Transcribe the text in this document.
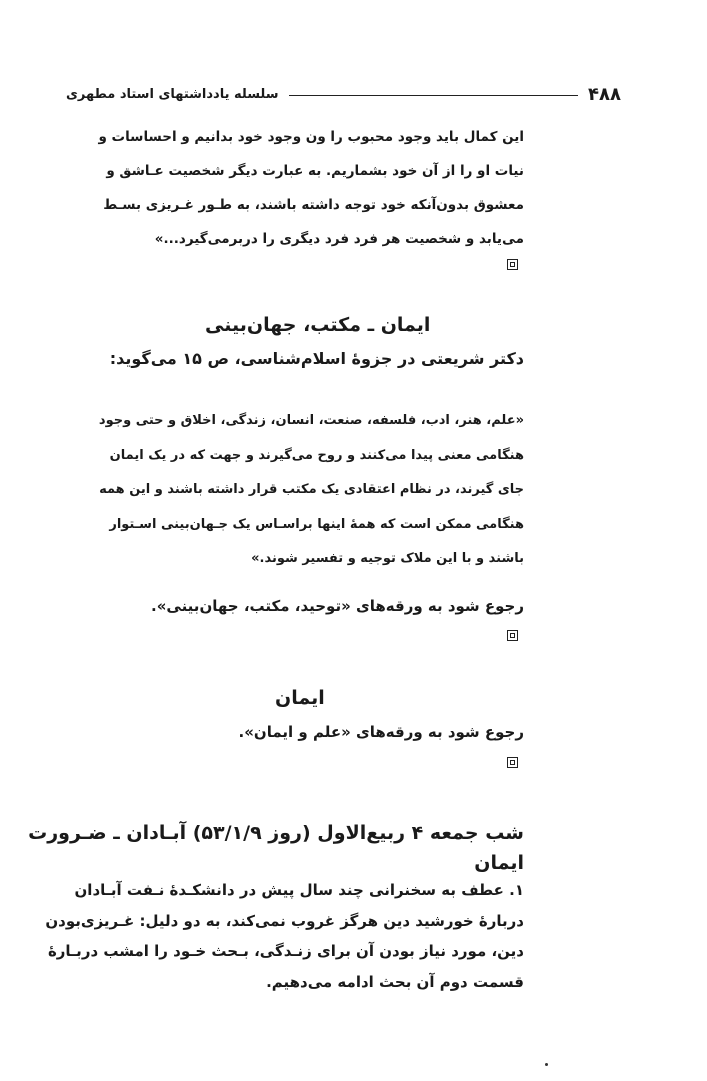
۴۸۸
سلسله یادداشتهای استاد مطهری
این کمال باید وجود محبوب را ون وجود خود بدانیم و احساسات و
نیات او را از آن خود بشماریم. به عبارت دیگر شخصیت عـاشق و
معشوق بدون‌آنکه خود توجه داشته باشند، به طـور غـریزی بسـط
می‌یابد و شخصیت هر فرد فرد دیگری را دربرمی‌گیرد...»
ایمان ـ مکتب، جهان‌بینی
دکتر شریعتی در جزوهٔ اسلام‌شناسی، ص ۱۵ می‌گوید:
«علم، هنر، ادب، فلسفه، صنعت، انسان، زندگی، اخلاق و حتی وجود
هنگامی معنی پیدا می‌کنند و روح می‌گیرند و جهت که در یک ایمان
جای گیرند، در نظام اعتقادی یک مکتب قرار داشته باشند و این همه
هنگامی ممکن است که همهٔ اینها براسـاس یک جـهان‌بینی اسـتوار
باشند و با این ملاک توجیه و تفسیر شوند.»
رجوع شود به ورقه‌های «توحید، مکتب، جهان‌بینی».
ایمان
رجوع شود به ورقه‌های «علم و ایمان».
شب جمعه ۴ ربیع‌الاول (روز ۵۳/۱/۹) آبـادان ـ ضـرورت
ایمان
۱. عطف به سخنرانی چند سال پیش در دانشکـدهٔ نـفت آبـادان
دربارهٔ خورشید دین هرگز غروب نمی‌کند، به دو دلیل: غـریزی‌بودن
دین، مورد نیاز بودن آن برای زنـدگی، بـحث خـود را امشب دربـارهٔ
قسمت دوم آن بحث ادامه می‌دهیم.
